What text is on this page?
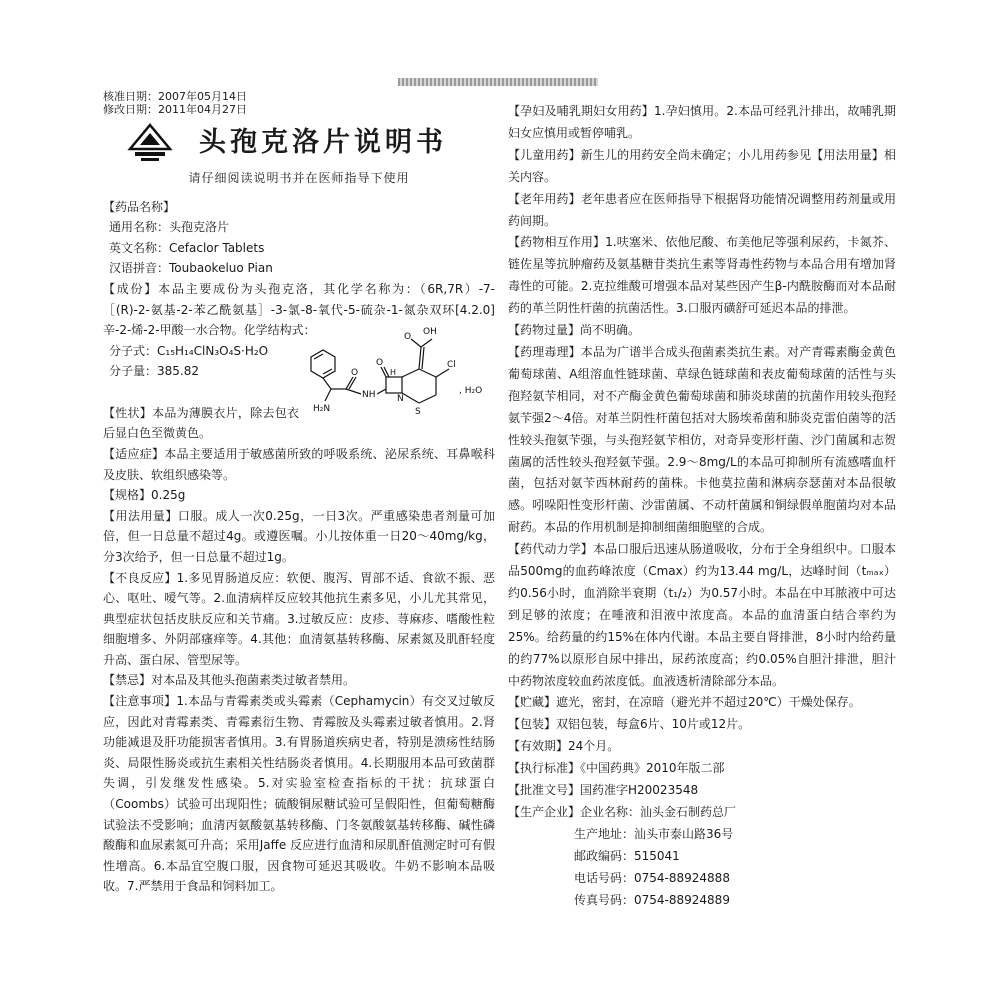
核准日期：2007年05月14日
修改日期：2011年04月27日
头孢克洛片说明书
请仔细阅读说明书并在医师指导下使用

【药品名称】

通用名称：头孢克洛片

英文名称：Cefaclor Tablets

汉语拼音：Toubaokeluo Pian

【成份】本品主要成份为头孢克洛，其化学名称为：（6R,7R）-7-［(R)-2-氨基-2-苯乙酰氨基］-3-氯-8-氧代-5-硫杂-1-氮杂双环[4.2.0]辛-2-烯-2-甲酸一水合物。化学结构式：

分子式：C₁₅H₁₄ClN₃O₄S·H₂O

分子量：385.82

OH
O
Cl
, H₂O
H₂N
NH
H
O
O
N
S

【性状】本品为薄膜衣片，除去包衣后显白色至微黄色。

【适应症】本品主要适用于敏感菌所致的呼吸系统、泌尿系统、耳鼻喉科及皮肤、软组织感染等。

【规格】0.25g

【用法用量】口服。成人一次0.25g，一日3次。严重感染患者剂量可加倍，但一日总量不超过4g。或遵医嘱。小儿按体重一日20～40mg/kg，分3次给予，但一日总量不超过1g。

【不良反应】1.多见胃肠道反应：软便、腹泻、胃部不适、食欲不振、恶心、呕吐、嗳气等。2.血清病样反应较其他抗生素多见，小儿尤其常见，典型症状包括皮肤反应和关节痛。3.过敏反应：皮疹、荨麻疹、嗜酸性粒细胞增多、外阴部瘙痒等。4.其他：血清氨基转移酶、尿素氮及肌酐轻度升高、蛋白尿、管型尿等。

【禁忌】对本品及其他头孢菌素类过敏者禁用。

【注意事项】1.本品与青霉素类或头霉素（Cephamycin）有交叉过敏反应，因此对青霉素类、青霉素衍生物、青霉胺及头霉素过敏者慎用。2.肾功能减退及肝功能损害者慎用。3.有胃肠道疾病史者，特别是溃疡性结肠炎、局限性肠炎或抗生素相关性结肠炎者慎用。4.长期服用本品可致菌群失调，引发继发性感染。5.对实验室检查指标的干扰：抗球蛋白（Coombs）试验可出现阳性；硫酸铜尿糖试验可呈假阳性，但葡萄糖酶试验法不受影响；血清丙氨酸氨基转移酶、门冬氨酸氨基转移酶、碱性磷酸酶和血尿素氮可升高；采用Jaffe 反应进行血清和尿肌酐值测定时可有假性增高。6.本品宜空腹口服，因食物可延迟其吸收。牛奶不影响本品吸收。7.严禁用于食品和饲料加工。

【孕妇及哺乳期妇女用药】1.孕妇慎用。2.本品可经乳汁排出，故哺乳期妇女应慎用或暂停哺乳。

【儿童用药】新生儿的用药安全尚未确定；小儿用药参见【用法用量】相关内容。

【老年用药】老年患者应在医师指导下根据肾功能情况调整用药剂量或用药间期。

【药物相互作用】1.呋塞米、依他尼酸、布美他尼等强利尿药，卡氮芥、链佐星等抗肿瘤药及氨基糖苷类抗生素等肾毒性药物与本品合用有增加肾毒性的可能。2.克拉维酸可增强本品对某些因产生β-内酰胺酶而对本品耐药的革兰阴性杆菌的抗菌活性。3.口服丙磺舒可延迟本品的排泄。

【药物过量】尚不明确。

【药理毒理】本品为广谱半合成头孢菌素类抗生素。对产青霉素酶金黄色葡萄球菌、A组溶血性链球菌、草绿色链球菌和表皮葡萄球菌的活性与头孢羟氨苄相同，对不产酶金黄色葡萄球菌和肺炎球菌的抗菌作用较头孢羟氨苄强2～4倍。对革兰阴性杆菌包括对大肠埃希菌和肺炎克雷伯菌等的活性较头孢氨苄强，与头孢羟氨苄相仿，对奇异变形杆菌、沙门菌属和志贺菌属的活性较头孢羟氨苄强。2.9～8mg/L的本品可抑制所有流感嗜血杆菌，包括对氨苄西林耐药的菌株。卡他莫拉菌和淋病奈瑟菌对本品很敏感。吲哚阳性变形杆菌、沙雷菌属、不动杆菌属和铜绿假单胞菌均对本品耐药。本品的作用机制是抑制细菌细胞壁的合成。

【药代动力学】本品口服后迅速从肠道吸收，分布于全身组织中。口服本品500mg的血药峰浓度（Cmax）约为13.44 mg/L，达峰时间（tₘₐₓ）约0.56小时，血消除半衰期（t₁/₂）为0.57小时。本品在中耳脓液中可达到足够的浓度；在唾液和泪液中浓度高。本品的血清蛋白结合率约为25%。给药量的约15%在体内代谢。本品主要自肾排泄，8小时内给药量的约77%以原形自尿中排出，尿药浓度高；约0.05%自胆汁排泄，胆汁中药物浓度较血药浓度低。血液透析清除部分本品。

【贮藏】遮光，密封，在凉暗（避光并不超过20℃）干燥处保存。

【包装】双铝包装，每盒6片、10片或12片。

【有效期】24个月。

【执行标准】《中国药典》2010年版二部

【批准文号】国药准字H20023548

【生产企业】企业名称：汕头金石制药总厂

生产地址：汕头市泰山路36号

邮政编码：515041

电话号码：0754-88924888

传真号码：0754-88924889
